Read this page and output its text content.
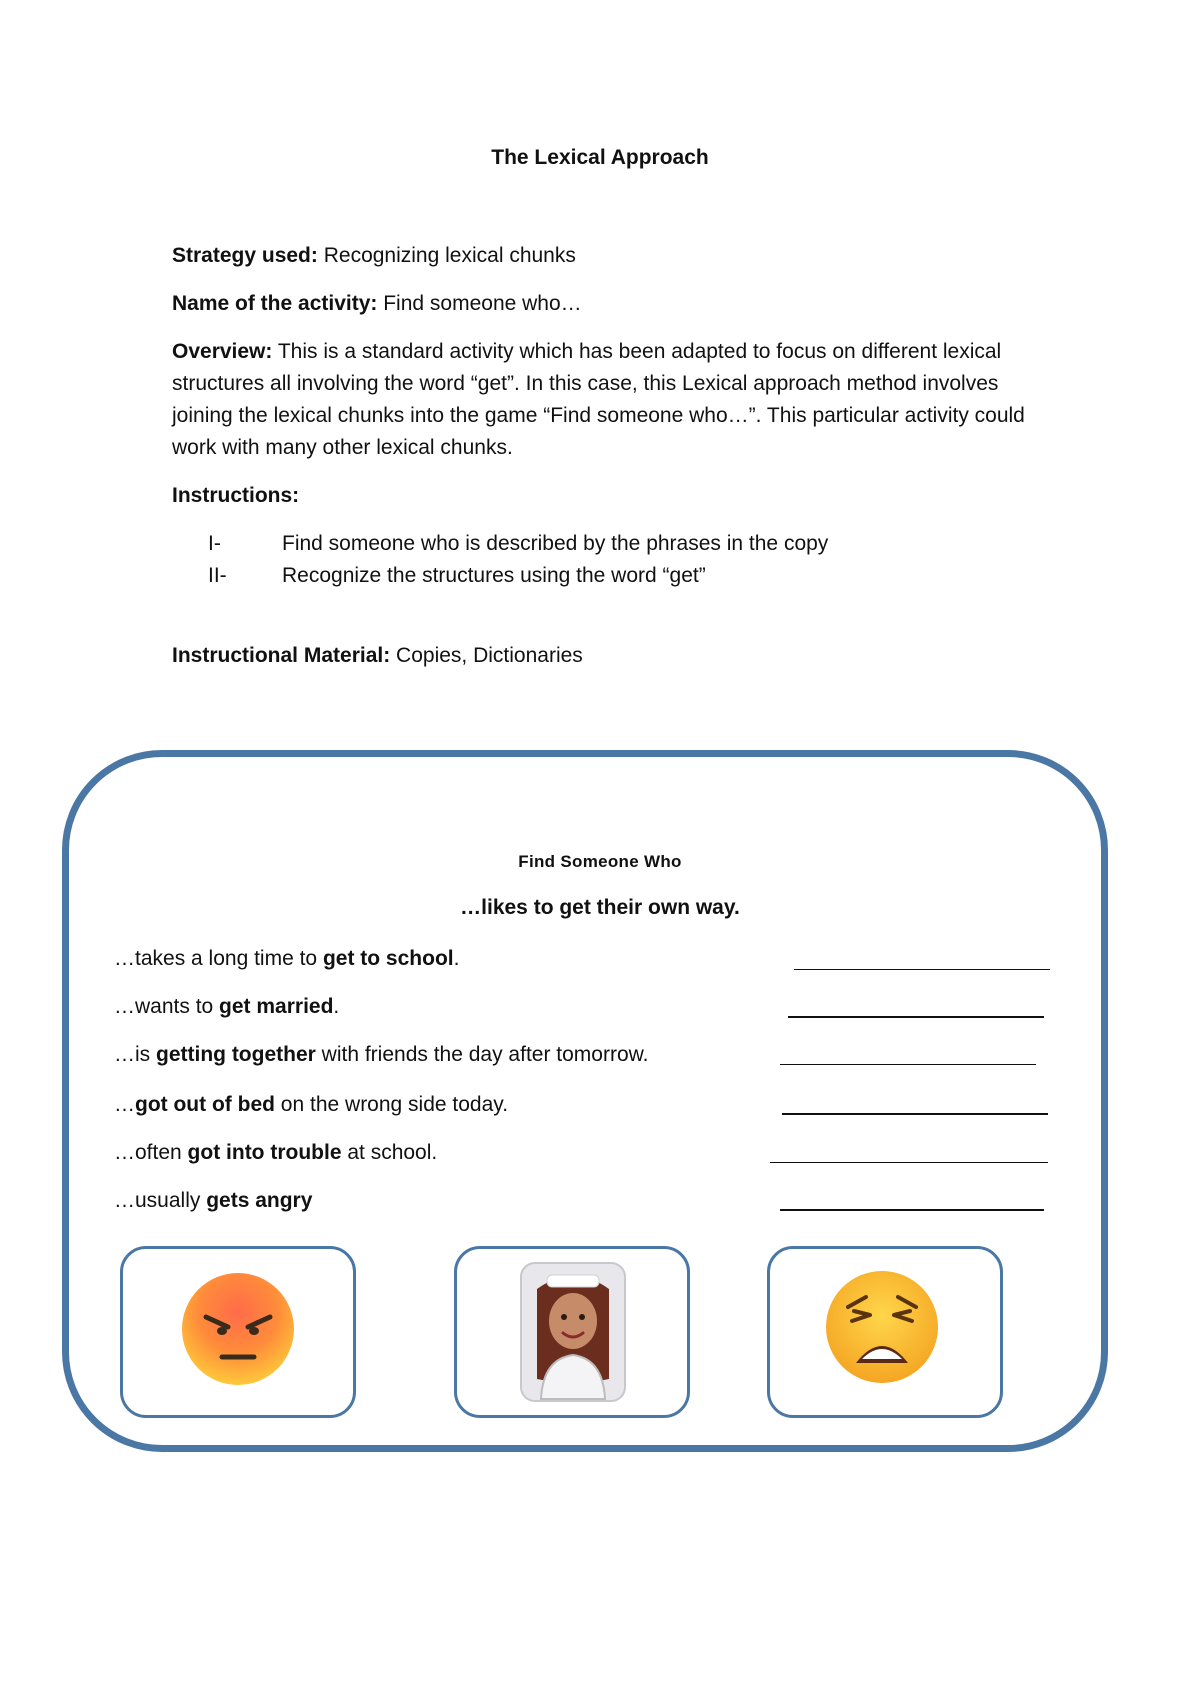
The Lexical Approach
Strategy used: Recognizing lexical chunks
Name of the activity: Find someone who…
Overview: This is a standard activity which has been adapted to focus on different lexical structures all involving the word “get”. In this case, this Lexical approach method involves joining the lexical chunks into the game “Find someone who…”. This particular activity could work with many other lexical chunks.
Instructions:
I-	Find someone who is described by the phrases in the copy
II-	Recognize the structures using the word “get”
Instructional Material: Copies, Dictionaries
Find Someone Who
…likes to get their own way.
…takes a long time to get to school.
…wants to get married.
…is getting together with friends the day after tomorrow.
…got out of bed on the wrong side today.
…often got into trouble at school.
…usually gets angry
